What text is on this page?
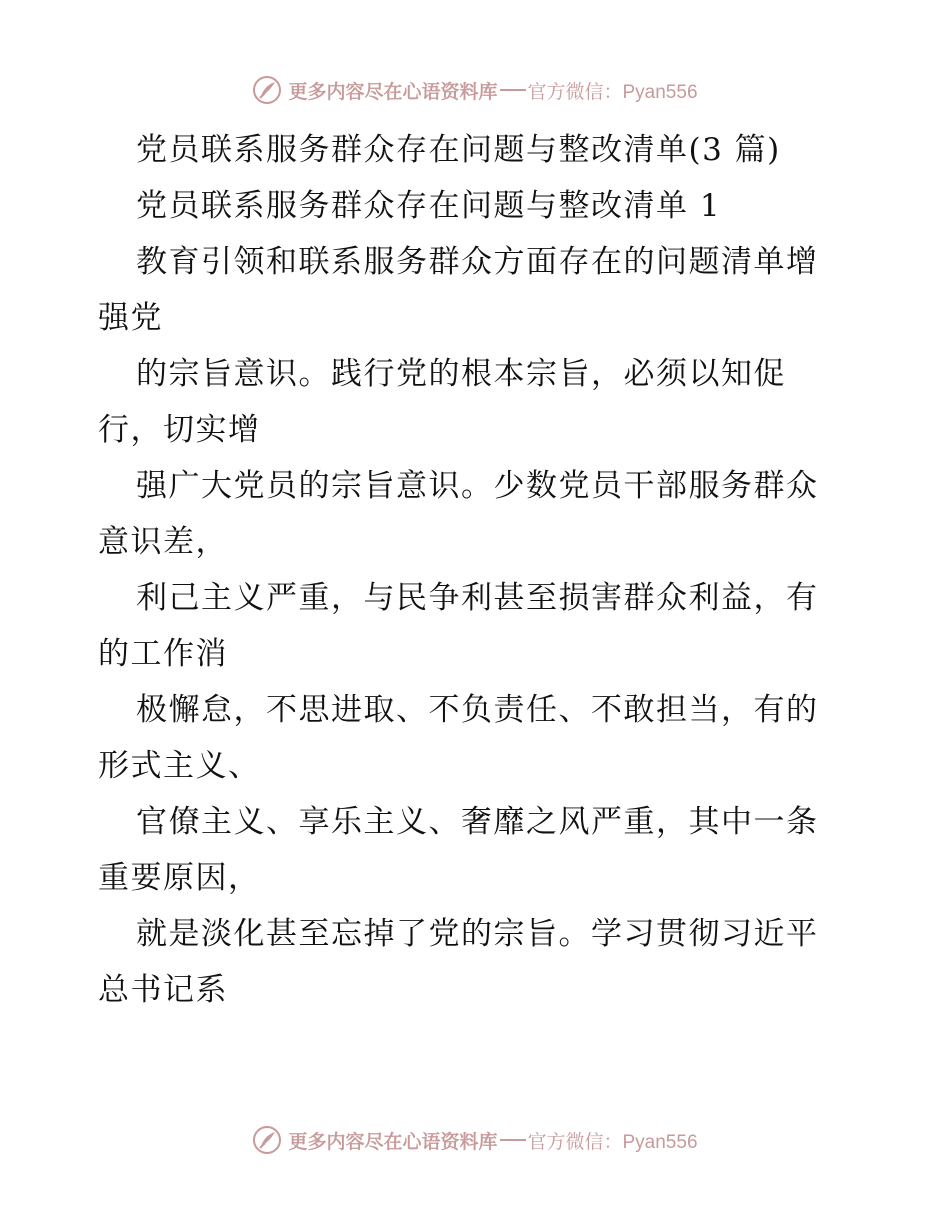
更多内容尽在心语资料库 官方微信：Pyan556
党员联系服务群众存在问题与整改清单(3 篇)
党员联系服务群众存在问题与整改清单 1
教育引领和联系服务群众方面存在的问题清单增
强党
的宗旨意识。践行党的根本宗旨，必须以知促
行，切实增
强广大党员的宗旨意识。少数党员干部服务群众
意识差，
利己主义严重，与民争利甚至损害群众利益，有
的工作消
极懈怠，不思进取、不负责任、不敢担当，有的
形式主义、
官僚主义、享乐主义、奢靡之风严重，其中一条
重要原因，
就是淡化甚至忘掉了党的宗旨。学习贯彻习近平
总书记系
更多内容尽在心语资料库 官方微信：Pyan556
